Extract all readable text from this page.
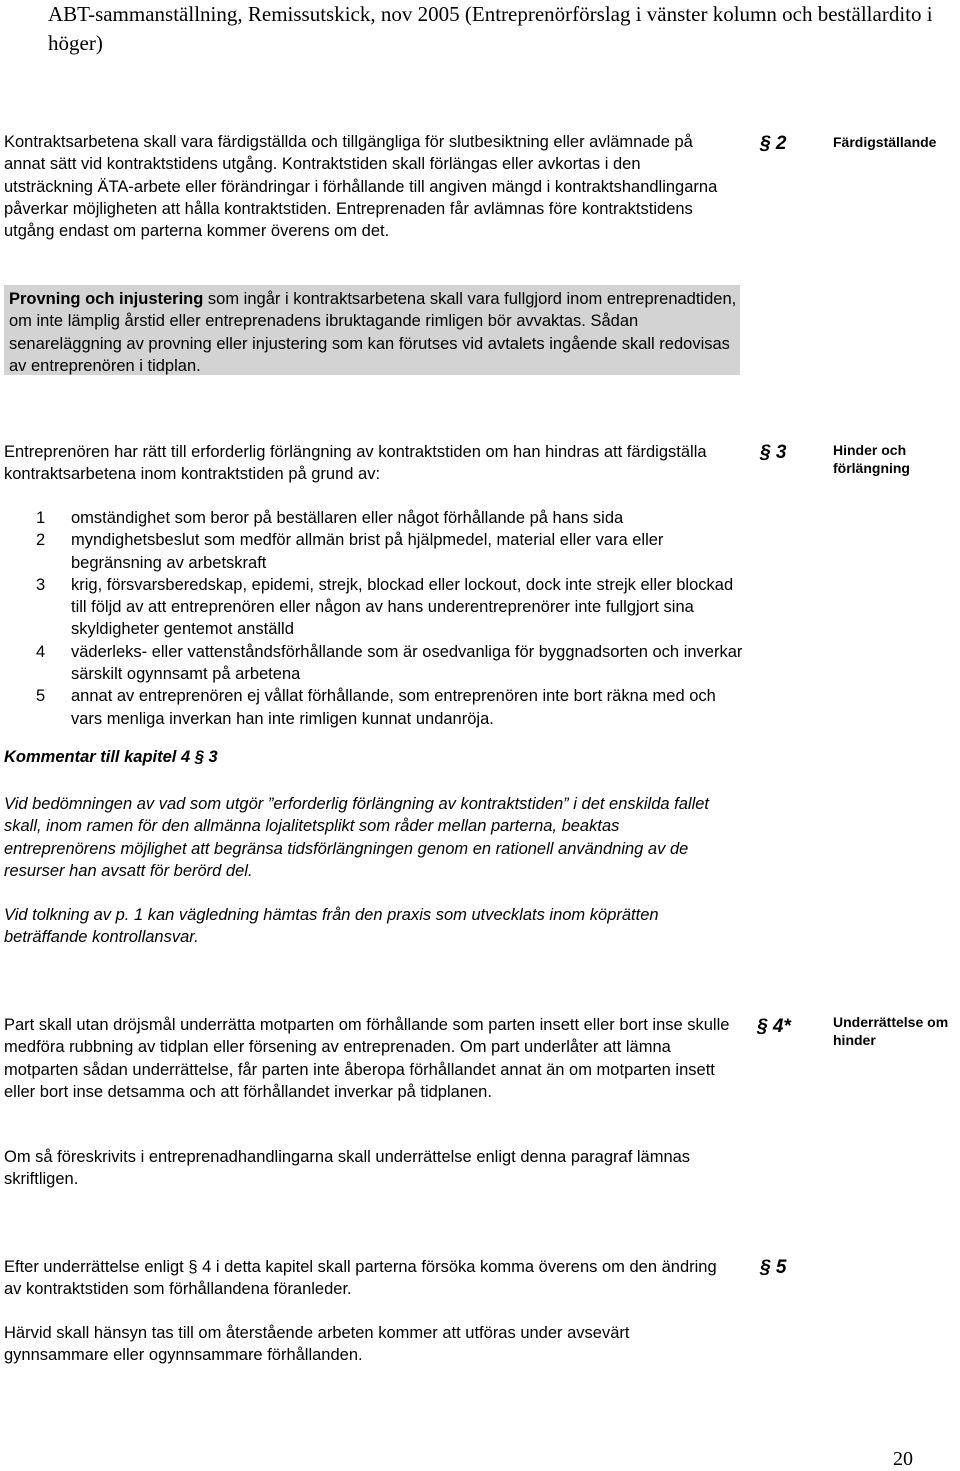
ABT-sammanställning, Remissutskick, nov 2005 (Entreprenörförslag i vänster kolumn och beställardito i höger)
Kontraktsarbetena skall vara färdigställda och tillgängliga för slutbesiktning eller avlämnade på annat sätt vid kontraktstidens utgång. Kontraktstiden skall förlängas eller avkortas i den utsträckning ÄTA-arbete eller förändringar i förhållande till angiven mängd i kontraktshandlingarna påverkar möjligheten att hålla kontraktstiden. Entreprenaden får avlämnas före kontraktstidens utgång endast om parterna kommer överens om det.
§ 2	Färdigställande
Provning och injustering som ingår i kontraktsarbetena skall vara fullgjord inom entreprenadtiden, om inte lämplig årstid eller entreprenadens ibruktagande rimligen bör avvaktas. Sådan senareläggning av provning eller injustering som kan förutses vid avtalets ingående skall redovisas av entreprenören i tidplan.
Entreprenören har rätt till erforderlig förlängning av kontraktstiden om han hindras att färdigställa kontraktsarbetena inom kontraktstiden på grund av:
§ 3	Hinder och förlängning
1 omständighet som beror på beställaren eller något förhållande på hans sida
2 myndighetsbeslut som medför allmän brist på hjälpmedel, material eller vara eller begränsning av arbetskraft
3 krig, försvarsberedskap, epidemi, strejk, blockad eller lockout, dock inte strejk eller blockad till följd av att entreprenören eller någon av hans underentreprenörer inte fullgjort sina skyldigheter gentemot anställd
4 väderleks- eller vattenståndsförhållande som är osedvanliga för byggnadsorten och inverkar särskilt ogynnsamt på arbetena
5 annat av entreprenören ej vållat förhållande, som entreprenören inte bort räkna med och vars menliga inverkan han inte rimligen kunnat undanröja.
Kommentar till kapitel 4 § 3
Vid bedömningen av vad som utgör ”erforderlig förlängning av kontraktstiden” i det enskilda fallet skall, inom ramen för den allmänna lojalitetsplikt som råder mellan parterna, beaktas entreprenörens möjlighet att begränsa tidsförlängningen genom en rationell användning av de resurser han avsatt för berörd del.
Vid tolkning av p. 1 kan vägledning hämtas från den praxis som utvecklats inom köprätten beträffande kontrollansvar.
Part skall utan dröjsmål underrätta motparten om förhållande som parten insett eller bort inse skulle medföra rubbning av tidplan eller försening av entreprenaden. Om part underlåter att lämna motparten sådan underrättelse, får parten inte åberopa förhållandet annat än om motparten insett eller bort inse detsamma och att förhållandet inverkar på tidplanen.
§ 4*	Underrättelse om hinder
Om så föreskrivits i entreprenadhandlingarna skall underrättelse enligt denna paragraf lämnas skriftligen.
Efter underrättelse enligt § 4 i detta kapitel skall parterna försöka komma överens om den ändring av kontraktstiden som förhållandena föranleder.
§ 5
Härvid skall hänsyn tas till om återstående arbeten kommer att utföras under avsevärt gynnsammare eller ogynnsammare förhållanden.
20
